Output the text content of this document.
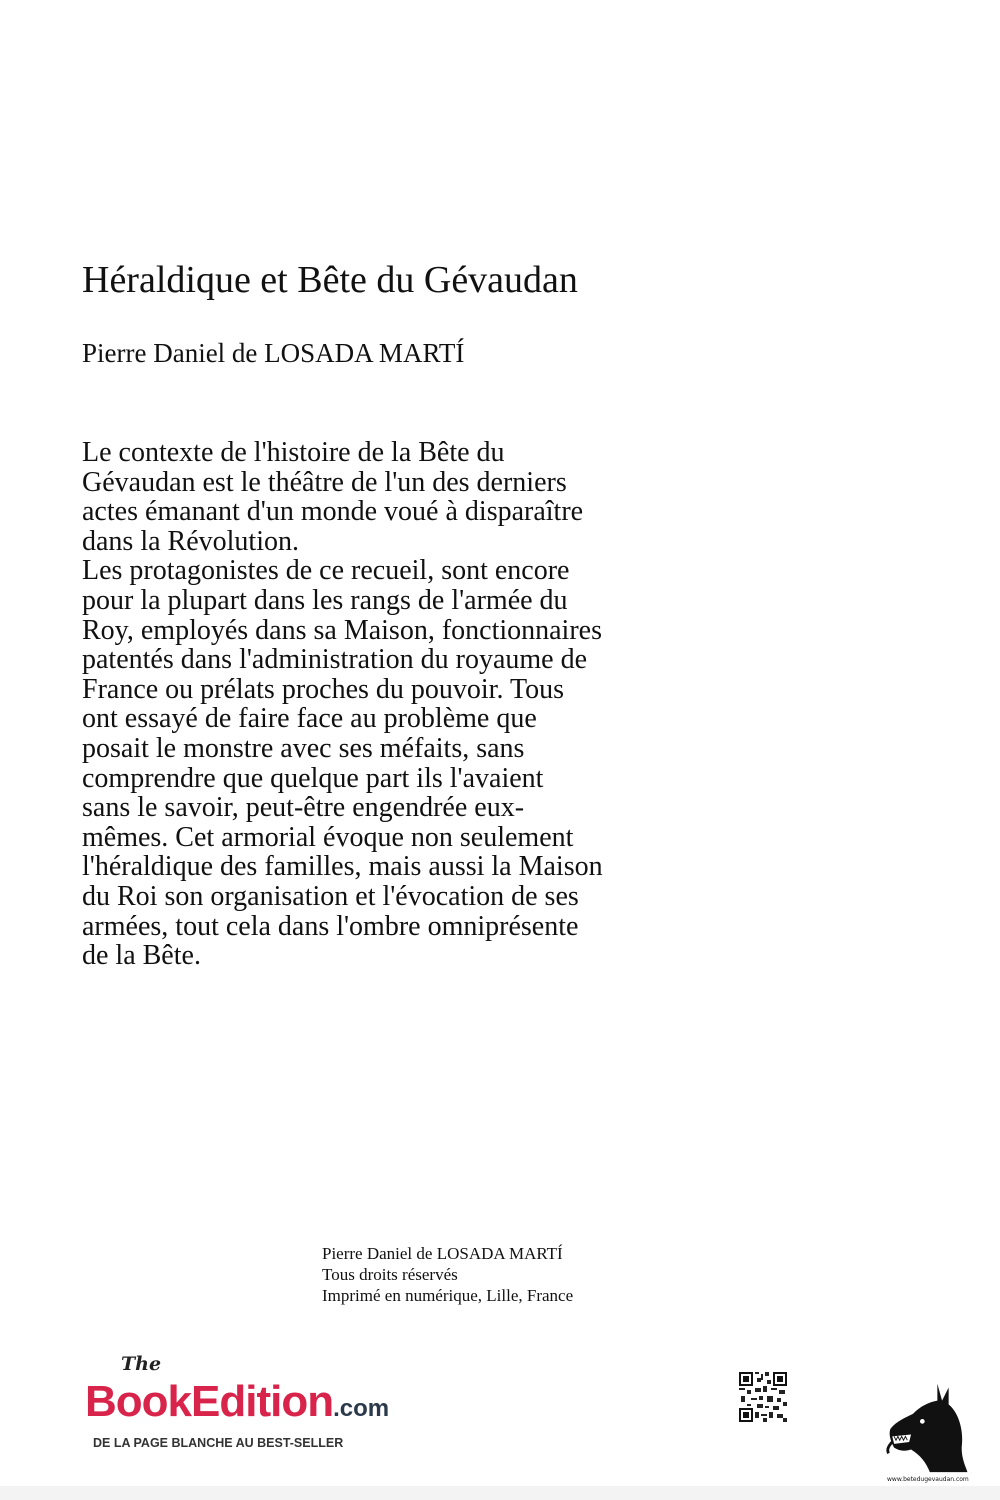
Héraldique et Bête du Gévaudan
Pierre Daniel de LOSADA MARTÍ
Le contexte de l'histoire de la Bête du
Gévaudan est le théâtre de l'un des derniers
actes émanant d'un monde voué à disparaître
dans la Révolution.
Les protagonistes de ce recueil, sont encore
pour la plupart dans les rangs de l'armée du
Roy, employés dans sa Maison, fonctionnaires
patentés dans l'administration du royaume de
France ou prélats proches du pouvoir. Tous
ont essayé de faire face au problème que
posait le monstre avec ses méfaits, sans
comprendre que quelque part ils l'avaient
sans le savoir, peut-être engendrée eux-
mêmes. Cet armorial évoque non seulement
l'héraldique des familles, mais aussi la Maison
du Roi son organisation et l'évocation de ses
armées, tout cela dans l'ombre omniprésente
de la Bête.
Pierre Daniel de LOSADA MARTÍ
Tous droits réservés
Imprimé en numérique, Lille, France
The
BookEdition.com
DE LA PAGE BLANCHE AU BEST-SELLER
www.betedugevaudan.com
